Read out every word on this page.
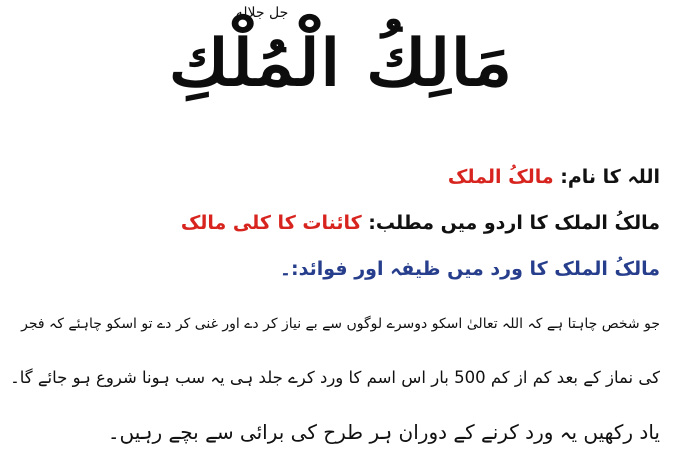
مَالِكُ الْمُلْكِ
جل جلاله
اللہ کا نام: مالکُ الملک
مالکُ الملک کا اردو میں مطلب: کائنات کا کلی مالک
مالکُ الملک کا ورد میں ظیفہ اور فوائد:۔
جو شخص چاہتا ہے کہ اللہ تعالیٰ اسکو دوسرے لوگوں سے بے نیاز کر دے اور غنی کر دے تو اسکو چاہئے کہ فجر
کی نماز کے بعد کم از کم 500 بار اس اسم کا ورد کرے جلد ہی یہ سب ہونا شروع ہو جائے گا۔
یاد رکھیں یہ ورد کرنے کے دوران ہر طرح کی برائی سے بچے رہیں۔
